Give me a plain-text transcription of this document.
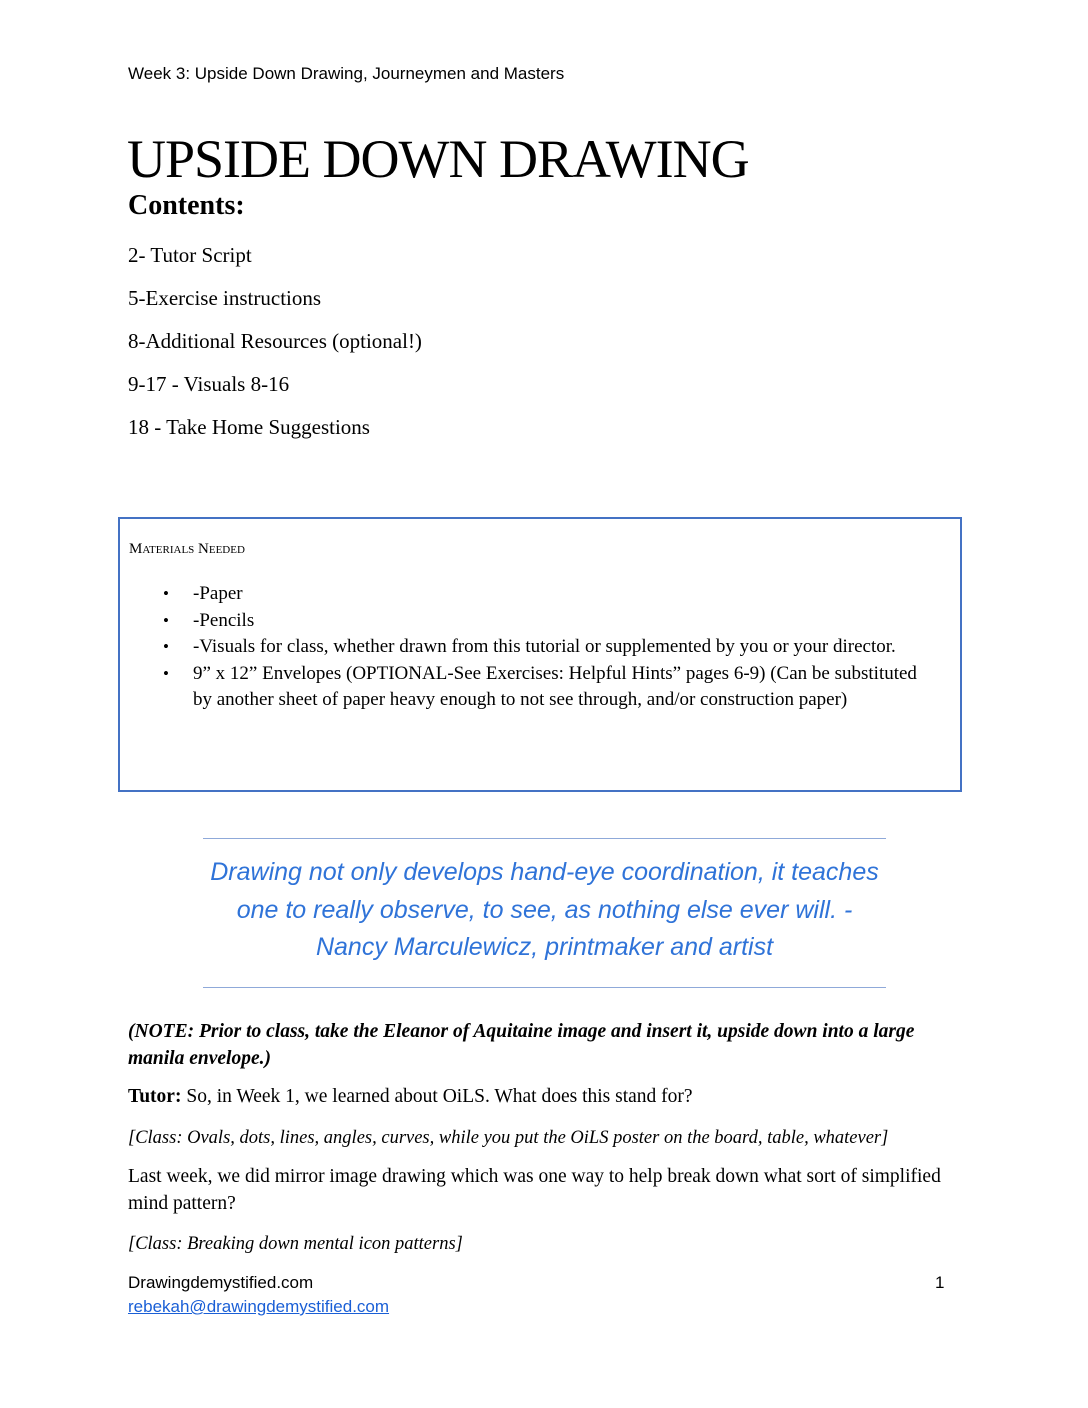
Week 3: Upside Down Drawing, Journeymen and Masters
UPSIDE DOWN DRAWING
Contents:
2- Tutor Script
5-Exercise instructions
8-Additional Resources (optional!)
9-17 - Visuals 8-16
18 - Take Home Suggestions
Materials Needed
• -Paper
• -Pencils
• -Visuals for class, whether drawn from this tutorial or supplemented by you or your director.
• 9” x 12” Envelopes (OPTIONAL-See Exercises: Helpful Hints” pages 6-9) (Can be substituted by another sheet of paper heavy enough to not see through, and/or construction paper)
Drawing not only develops hand-eye coordination, it teaches one to really observe, to see, as nothing else ever will. -Nancy Marculewicz, printmaker and artist
(NOTE: Prior to class, take the Eleanor of Aquitaine image and insert it, upside down into a large manila envelope.)
Tutor: So, in Week 1, we learned about OiLS. What does this stand for?
[Class: Ovals, dots, lines, angles, curves, while you put the OiLS poster on the board, table, whatever]
Last week, we did mirror image drawing which was one way to help break down what sort of simplified mind pattern?
[Class: Breaking down mental icon patterns]
Drawingdemystified.com
rebekah@drawingdemystified.com
1
